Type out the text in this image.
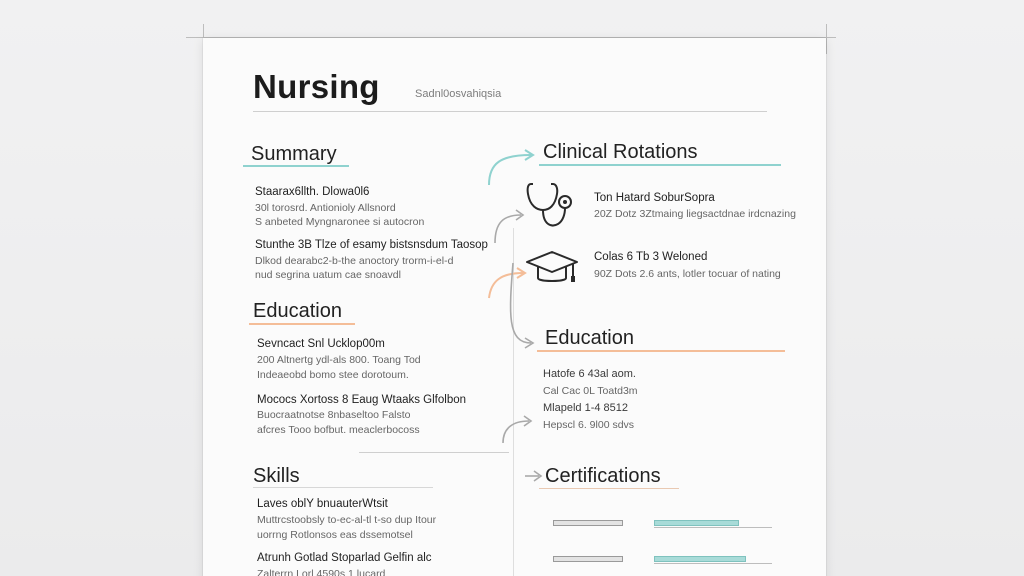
Nursing	Sadnl0osvahiqsia
Summary
Staarax6llth. Dlowa0l6
30l torosrd. Antionioly Allsnord
S anbeted Myngnaronee si autocron
Stunthe 3B Tlze of esamy bistsnsdum Taosop
Dlkod dearabc2-b-the anoctory trorm-i-el-d
nud segrina uatum cae snoavdl
Education
Sevncact Snl Ucklop00m
200 Altnertg ydl-als 800. Toang Tod
Indeaeobd bomo stee dorotoum.
Mococs Xortoss 8 Eaug Wtaaks Glfolbon
Buocraatnotse 8nbaseltoo Falsto
afcres Tooo bofbut. meaclerbocoss
Skills
Laves oblY bnuauterWtsit
Muttrcstoobsly to-ec-al-tl t-so dup Itour
uorrng Rotlonsos eas dssemotsel
Atrunh Gotlad Stoparlad Gelfin alc
Zalterrn Lorl 4590s 1 lucard
Clinical Rotations
Ton Hatard SoburSopra
20Z Dotz 3Ztmaing liegsactdnae irdcnazing
Colas 6 Tb 3 Weloned
90Z Dots 2.6 ants, lotler tocuar of nating
Education
Hatofe 6 43al aom.
Cal Cac 0L Toatd3m
Mlapeld 1-4 8512
Hepscl 6. 9l00 sdvs
Certifications
